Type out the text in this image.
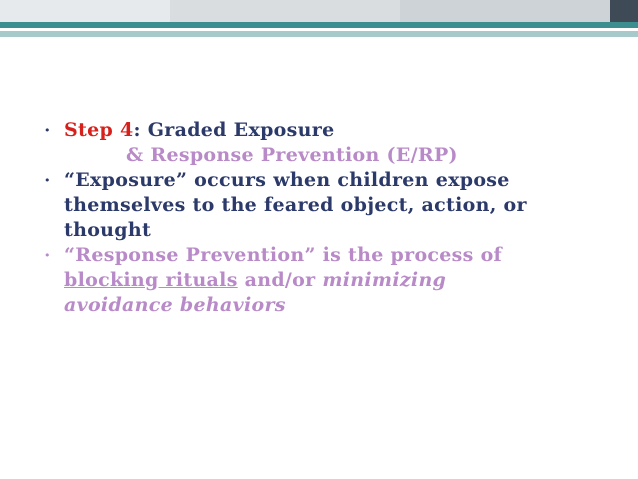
• Step 4: Graded Exposure
& Response Prevention (E/RP)
• “Exposure” occurs when children expose
themselves to the feared object, action, or
thought
• “Response Prevention” is the process of
blocking rituals and/or minimizing
avoidance behaviors
